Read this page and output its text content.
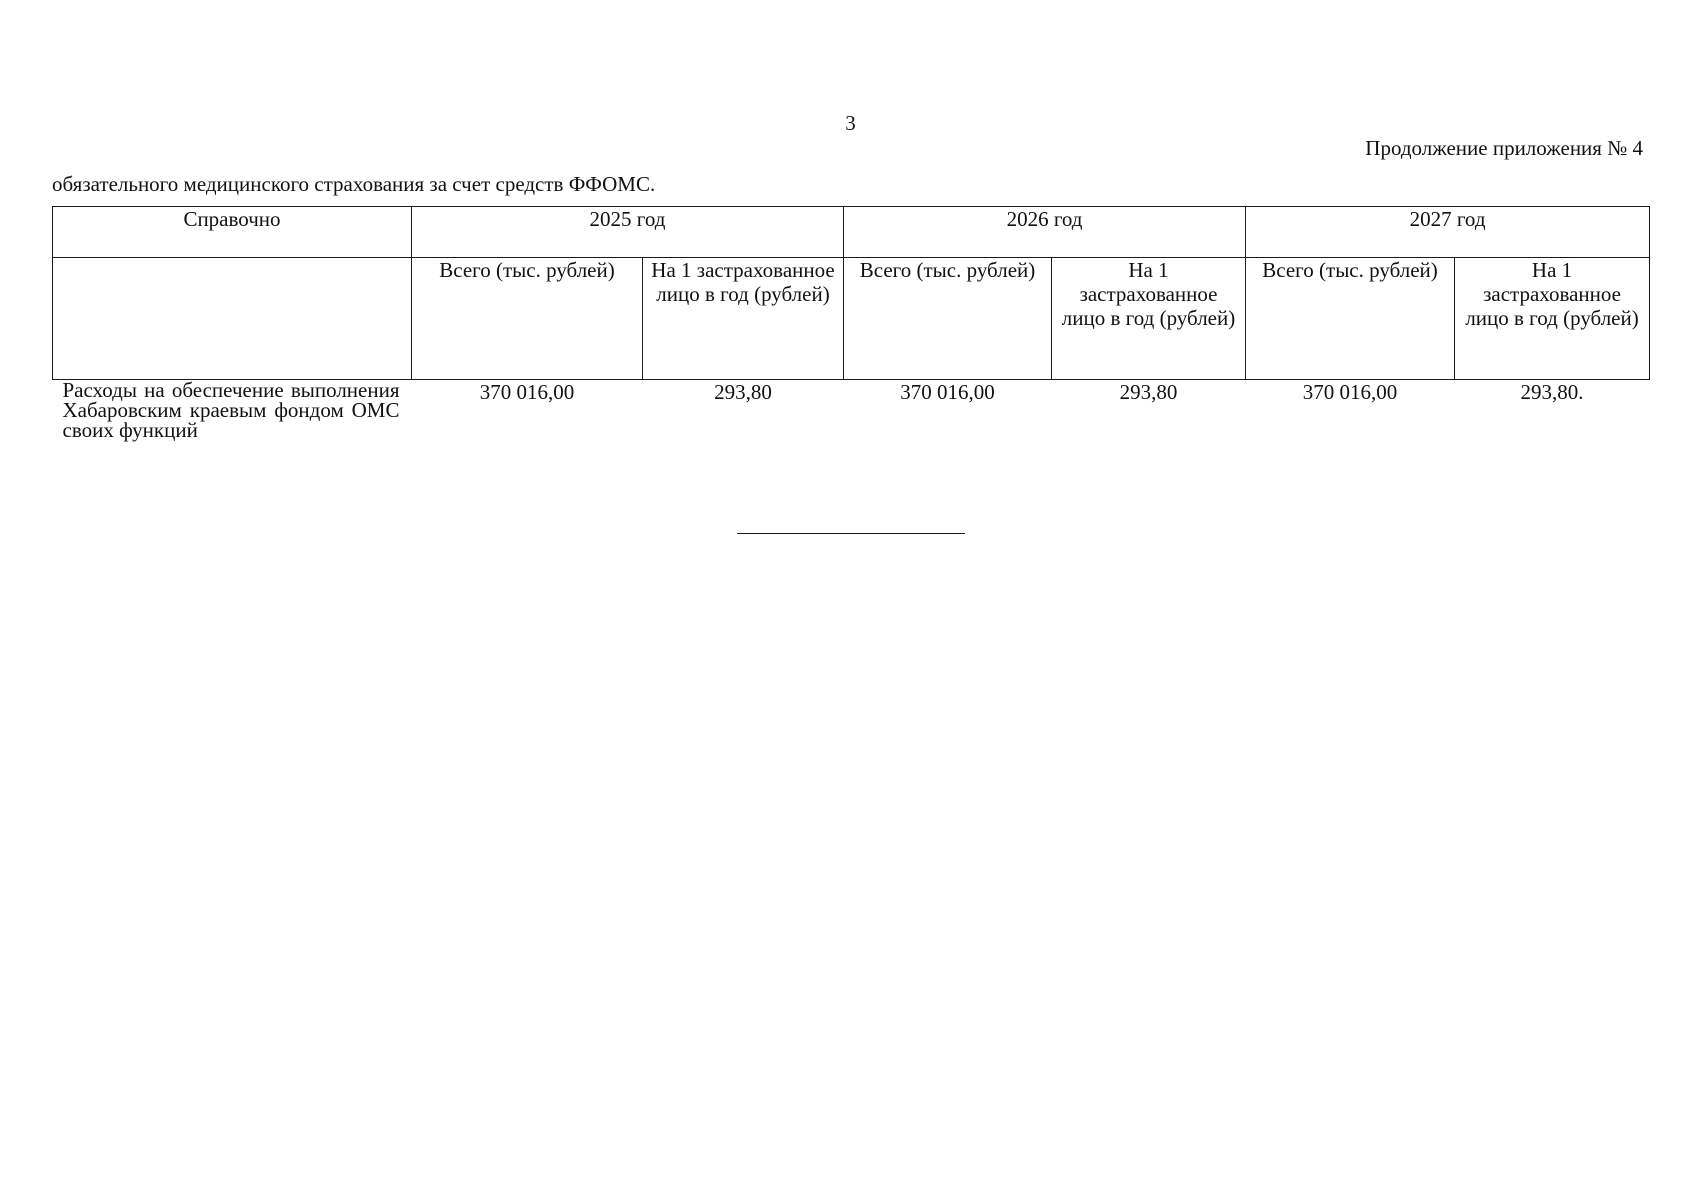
3
Продолжение приложения № 4
обязательного медицинского страхования за счет средств ФФОМС.
Справочно	2025 год		2026 год		2027 год	
	Всего (тыс. рублей)	На 1 застрахованное лицо в год (рублей)	Всего (тыс. рублей)	На 1 застрахованное лицо в год (рублей)	Всего (тыс. рублей)	На 1 застрахованное лицо в год (рублей)
Расходы на обеспечение выполнения Хабаровским краевым фондом ОМС своих функций	370 016,00	293,80	370 016,00	293,80	370 016,00	293,80.
